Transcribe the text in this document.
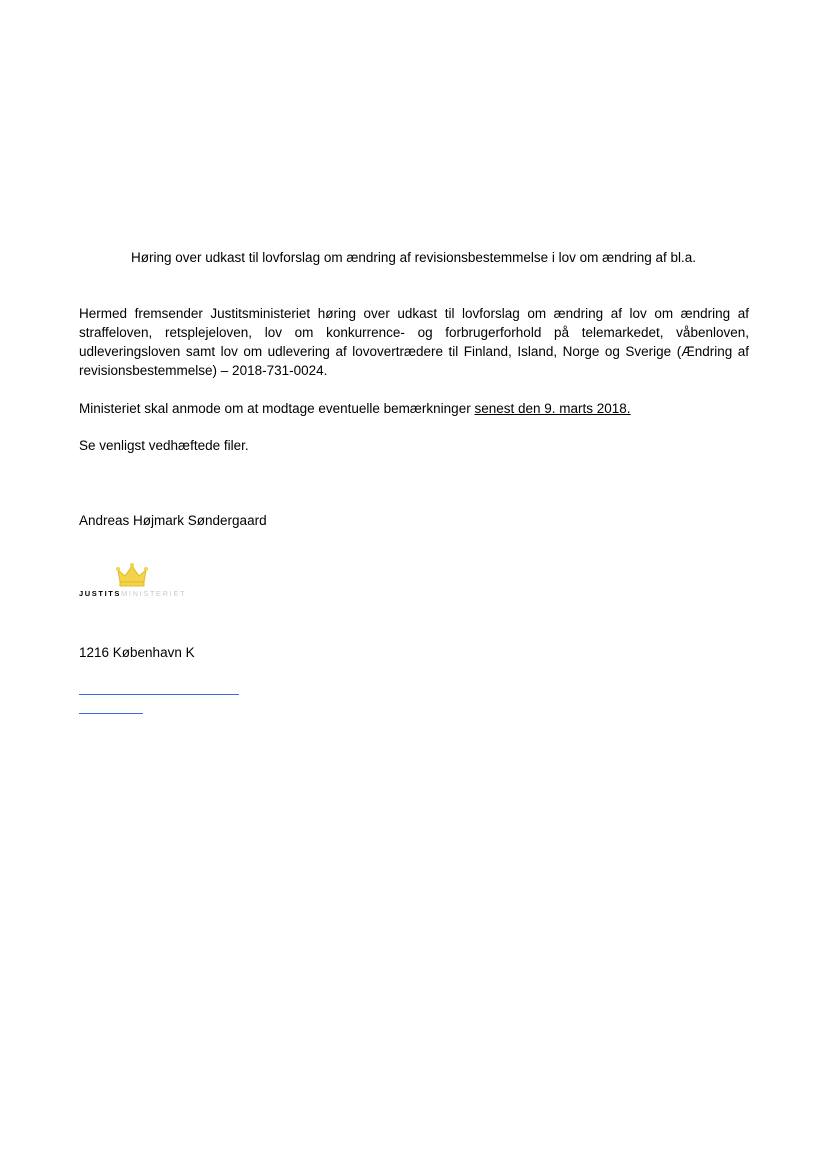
Høring over udkast til lovforslag om ændring af revisionsbestemmelse i lov om ændring af bl.a.

Hermed fremsender Justitsministeriet høring over udkast til lovforslag om ændring af lov om ændring af straffeloven, retsplejeloven, lov om konkurrence- og forbrugerforhold på telemarkedet, våbenloven, udleveringsloven samt lov om udlevering af lovovertrædere til Finland, Island, Norge og Sverige (Ændring af revisionsbestemmelse) – 2018-731-0024.

Ministeriet skal anmode om at modtage eventuelle bemærkninger senest den 9. marts 2018.

Se venligst vedhæftede filer.

Andreas Højmark Søndergaard

JUSTITSMINISTERIET

1216 København K
